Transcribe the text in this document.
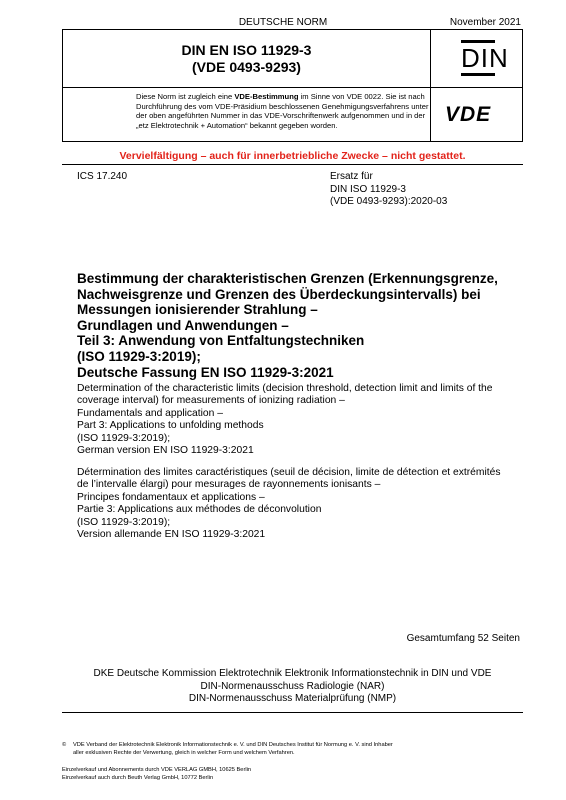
DEUTSCHE NORM	November 2021
DIN EN ISO 11929-3
(VDE 0493-9293)	DIN
Diese Norm ist zugleich eine VDE-Bestimmung im Sinne von VDE 0022. Sie ist nach Durchführung des vom VDE-Präsidium beschlossenen Genehmigungsverfahrens unter der oben angeführten Nummer in das VDE-Vorschriftenwerk aufgenommen und in der „etz Elektrotechnik + Automation“ bekannt gegeben worden.	VDE
Vervielfältigung – auch für innerbetriebliche Zwecke – nicht gestattet.
ICS 17.240	Ersatz für
DIN ISO 11929-3
(VDE 0493-9293):2020-03
Bestimmung der charakteristischen Grenzen (Erkennungsgrenze,
Nachweisgrenze und Grenzen des Überdeckungsintervalls) bei
Messungen ionisierender Strahlung –
Grundlagen und Anwendungen –
Teil 3: Anwendung von Entfaltungstechniken
(ISO 11929-3:2019);
Deutsche Fassung EN ISO 11929-3:2021
Determination of the characteristic limits (decision threshold, detection limit and limits of the
coverage interval) for measurements of ionizing radiation –
Fundamentals and application –
Part 3: Applications to unfolding methods
(ISO 11929-3:2019);
German version EN ISO 11929-3:2021
Détermination des limites caractéristiques (seuil de décision, limite de détection et extrémités
de l’intervalle élargi) pour mesurages de rayonnements ionisants –
Principes fondamentaux et applications –
Partie 3: Applications aux méthodes de déconvolution
(ISO 11929-3:2019);
Version allemande EN ISO 11929-3:2021
Gesamtumfang 52 Seiten
DKE Deutsche Kommission Elektrotechnik Elektronik Informationstechnik in DIN und VDE
DIN-Normenausschuss Radiologie (NAR)
DIN-Normenausschuss Materialprüfung (NMP)
© VDE Verband der Elektrotechnik Elektronik Informationstechnik e. V. und DIN Deutsches Institut für Normung e. V. sind Inhaber
aller exklusiven Rechte der Verwertung, gleich in welcher Form und welchem Verfahren.
Einzelverkauf und Abonnements durch VDE VERLAG GMBH, 10625 Berlin
Einzelverkauf auch durch Beuth Verlag GmbH, 10772 Berlin
